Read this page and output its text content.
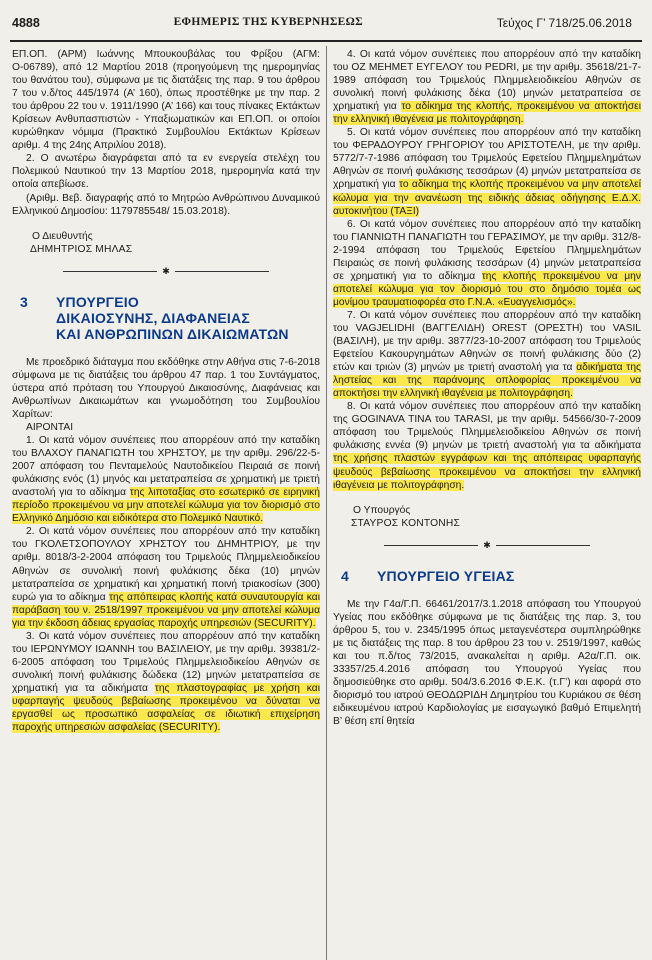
4888	ΕΦΗΜΕΡΙΣ ΤΗΣ ΚΥΒΕΡΝΗΣΕΩΣ	Τεύχος Γ’ 718/25.06.2018

ΕΠ.ΟΠ. (ΑΡΜ) Ιωάννης Μπουκουβάλας του Φρίξου (ΑΓΜ: Ο-06789), από 12 Μαρτίου 2018 (προηγούμενη της ημερομηνίας του θανάτου του), σύμφωνα με τις διατάξεις της παρ. 9 του άρθρου 7 του ν.δ/τος 445/1974 (Α’ 160), όπως προστέθηκε με την παρ. 2 του άρθρου 22 του ν. 1911/1990 (Α’ 166) και τους πίνακες Εκτάκτων Κρίσεων Ανθυπασπιστών - Υπαξιωματικών και ΕΠ.ΟΠ. οι οποίοι κυρώθηκαν νόμιμα (Πρακτικό Συμβουλίου Εκτάκτων Κρίσεων αριθμ. 4 της 24ης Απριλίου 2018).

2. Ο ανωτέρω διαγράφεται από τα εν ενεργεία στελέχη του Πολεμικού Ναυτικού την 13 Μαρτίου 2018, ημερομηνία κατά την οποία απεβίωσε.

(Αριθμ. Βεβ. διαγραφής από το Μητρώο Ανθρώπινου Δυναμικού Ελληνικού Δημοσίου: 1179785548/ 15.03.2018).

Ο Διευθυντής

ΔΗΜΗΤΡΙΟΣ ΜΗΛΑΣ

✱
3	ΥΠΟΥΡΓΕΙΟ
ΔΙΚΑΙΟΣΥΝΗΣ, ΔΙΑΦΑΝΕΙΑΣ
ΚΑΙ ΑΝΘΡΩΠΙΝΩΝ ΔΙΚΑΙΩΜΑΤΩΝ

Με προεδρικό διάταγμα που εκδόθηκε στην Αθήνα στις 7-6-2018 σύμφωνα με τις διατάξεις του άρθρου 47 παρ. 1 του Συντάγματος, ύστερα από πρόταση του Υπουργού Δικαιοσύνης, Διαφάνειας και Ανθρωπίνων Δικαιωμάτων και γνωμοδότηση του Συμβουλίου Χαρίτων:

ΑΙΡΟΝΤΑΙ

1. Οι κατά νόμον συνέπειες που απορρέουν από την καταδίκη του ΒΛΑΧΟΥ ΠΑΝΑΓΙΩΤΗ του ΧΡΗΣΤΟΥ, με την αριθμ. 296/22-5-2007 απόφαση του Πενταμελούς Ναυτοδικείου Πειραιά σε ποινή φυλάκισης ενός (1) μηνός και μετατραπείσα σε χρηματική με τριετή αναστολή για το αδίκημα της λιποταξίας στο εσωτερικό σε ειρηνική περίοδο προκειμένου να μην αποτελεί κώλυμα για τον διορισμό στο Ελληνικό Δημόσιο και ειδικότερα στο Πολεμικό Ναυτικό.

2. Οι κατά νόμον συνέπειες που απορρέουν από την καταδίκη του ΓΚΟΛΕΤΣΟΠΟΥΛΟΥ ΧΡΗΣΤΟΥ του ΔΗΜΗΤΡΙΟΥ, με την αριθμ. 8018/3-2-2004 απόφαση του Τριμελούς Πλημμελειοδικείου Αθηνών σε συνολική ποινή φυλάκισης δέκα (10) μηνών μετατραπείσα σε χρηματική και χρηματική ποινή τριακοσίων (300) ευρώ για το αδίκημα της απόπειρας κλοπής κατά συναυτουργία και παράβαση του ν. 2518/1997 προκειμένου να μην αποτελεί κώλυμα για την έκδοση άδειας εργασίας παροχής υπηρεσιών (SECURITY).

3. Οι κατά νόμον συνέπειες που απορρέουν από την καταδίκη του ΙΕΡΩΝΥΜΟΥ ΙΩΑΝΝΗ του ΒΑΣΙΛΕΙΟΥ, με την αριθμ. 39381/2-6-2005 απόφαση του Τριμελούς Πλημμελειοδικείου Αθηνών σε συνολική ποινή φυλάκισης δώδεκα (12) μηνών μετατραπείσα σε χρηματική για τα αδικήματα της πλαστογραφίας με χρήση και υφαρπαγής ψευδούς βεβαίωσης προκειμένου να δύναται να εργασθεί ως προσωπικό ασφαλείας σε ιδιωτική επιχείρηση παροχής υπηρεσιών ασφαλείας (SECURITY).

4. Οι κατά νόμον συνέπειες που απορρέουν από την καταδίκη του ΟΖ ΜΕΗΜΕΤ ΕΥΓΕΛΟΥ του PEDRI, με την αριθμ. 35618/21-7-1989 απόφαση του Τριμελούς Πλημμελειοδικείου Αθηνών σε συνολική ποινή φυλάκισης δέκα (10) μηνών μετατραπείσα σε χρηματική για το αδίκημα της κλοπής, προκειμένου να αποκτήσει την ελληνική ιθαγένεια με πολιτογράφηση.

5. Οι κατά νόμον συνέπειες που απορρέουν από την καταδίκη του ΦΕΡΑΔΟΥΡΟΥ ΓΡΗΓΟΡΙΟΥ του ΑΡΙΣΤΟΤΕΛΗ, με την αριθμ. 5772/7-7-1986 απόφαση του Τριμελούς Εφετείου Πλημμελημάτων Αθηνών σε ποινή φυλάκισης τεσσάρων (4) μηνών μετατραπείσα σε χρηματική για το αδίκημα της κλοπής προκειμένου να μην αποτελεί κώλυμα για την ανανέωση της ειδικής άδειας οδήγησης Ε.Δ.Χ. αυτοκινήτου (ΤΑΞΙ)

6. Οι κατά νόμον συνέπειες που απορρέουν από την καταδίκη του ΓΙΑΝΝΙΩΤΗ ΠΑΝΑΓΙΩΤΗ του ΓΕΡΑΣΙΜΟΥ, με την αριθμ. 312/8-2-1994 απόφαση του Τριμελούς Εφετείου Πλημμελημάτων Πειραιώς σε ποινή φυλάκισης τεσσάρων (4) μηνών μετατραπείσα σε χρηματική για το αδίκημα της κλοπής προκειμένου να μην αποτελεί κώλυμα για τον διορισμό του στο δημόσιο τομέα ως μονίμου τραυματιοφορέα στο Γ.Ν.Α. «Ευαγγελισμός».

7. Οι κατά νόμον συνέπειες που απορρέουν από την καταδίκη του VAGJELIDHI (ΒΑΓΓΕΛΙΔΗ) OREST (ΟΡΕΣΤΗ) του VASIL (ΒΑΣΙΛΗ), με την αριθμ. 3877/23-10-2007 απόφαση του Τριμελούς Εφετείου Κακουργημάτων Αθηνών σε ποινή φυλάκισης δύο (2) ετών και τριών (3) μηνών με τριετή αναστολή για τα αδικήματα της ληστείας και της παράνομης οπλοφορίας προκειμένου να αποκτήσει την ελληνική ιθαγένεια με πολιτογράφηση.

8. Οι κατά νόμον συνέπειες που απορρέουν από την καταδίκη της GOGINAVA TINA του TARASI, με την αριθμ. 54566/30-7-2009 απόφαση του Τριμελούς Πλημμελειοδικείου Αθηνών σε ποινή φυλάκισης εννέα (9) μηνών με τριετή αναστολή για τα αδικήματα της χρήσης πλαστών εγγράφων και της απόπειρας υφαρπαγής ψευδούς βεβαίωσης προκειμένου να αποκτήσει την ελληνική ιθαγένεια με πολιτογράφηση.

Ο Υπουργός

ΣΤΑΥΡΟΣ ΚΟΝΤΟΝΗΣ

✱
4	ΥΠΟΥΡΓΕΙΟ ΥΓΕΙΑΣ

Με την Γ4α/Γ.Π. 66461/2017/3.1.2018 απόφαση του Υπουργού Υγείας που εκδόθηκε σύμφωνα με τις διατάξεις της παρ. 3, του άρθρου 5, του ν. 2345/1995 όπως μεταγενέστερα συμπληρώθηκε με τις διατάξεις της παρ. 8 του άρθρου 23 του ν. 2519/1997, καθώς και του π.δ/τος 73/2015, ανακαλείται η αριθμ. Α2α/Γ.Π. οικ. 33357/25.4.2016 απόφαση του Υπουργού Υγείας που δημοσιεύθηκε στο αριθμ. 504/3.6.2016 Φ.Ε.Κ. (τ.Γ’) και αφορά στο διορισμό του ιατρού ΘΕΟΔΩΡΙΔΗ Δημητρίου του Κυριάκου σε θέση ειδικευμένου ιατρού Καρδιολογίας με εισαγωγικό βαθμό Επιμελητή Β’ θέση επί θητεία
